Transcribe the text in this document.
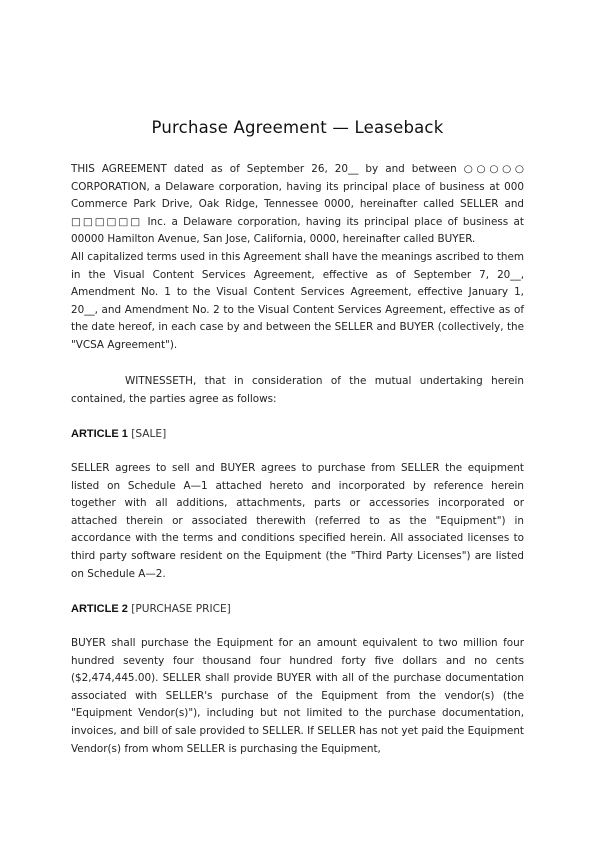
Purchase Agreement — Leaseback
THIS AGREEMENT dated as of September 26, 20__ by and between ○○○○○ CORPORATION, a Delaware corporation, having its principal place of business at 000 Commerce Park Drive, Oak Ridge, Tennessee 0000, hereinafter called SELLER and □□□□□□ Inc. a Delaware corporation, having its principal place of business at 00000 Hamilton Avenue, San Jose, California, 0000, hereinafter called BUYER.
All capitalized terms used in this Agreement shall have the meanings ascribed to them in the Visual Content Services Agreement, effective as of September 7, 20__, Amendment No. 1 to the Visual Content Services Agreement, effective January 1, 20__, and Amendment No. 2 to the Visual Content Services Agreement, effective as of the date hereof, in each case by and between the SELLER and BUYER (collectively, the "VCSA Agreement").
WITNESSETH, that in consideration of the mutual undertaking herein contained, the parties agree as follows:
ARTICLE 1 [SALE]
SELLER agrees to sell and BUYER agrees to purchase from SELLER the equipment listed on Schedule A—1 attached hereto and incorporated by reference herein together with all additions, attachments, parts or accessories incorporated or attached therein or associated therewith (referred to as the "Equipment") in accordance with the terms and conditions specified herein. All associated licenses to third party software resident on the Equipment (the "Third Party Licenses") are listed on Schedule A—2.
ARTICLE 2 [PURCHASE PRICE]
BUYER shall purchase the Equipment for an amount equivalent to two million four hundred seventy four thousand four hundred forty five dollars and no cents ($2,474,445.00). SELLER shall provide BUYER with all of the purchase documentation associated with SELLER's purchase of the Equipment from the vendor(s) (the "Equipment Vendor(s)"), including but not limited to the purchase documentation, invoices, and bill of sale provided to SELLER. If SELLER has not yet paid the Equipment Vendor(s) from whom SELLER is purchasing the Equipment,
